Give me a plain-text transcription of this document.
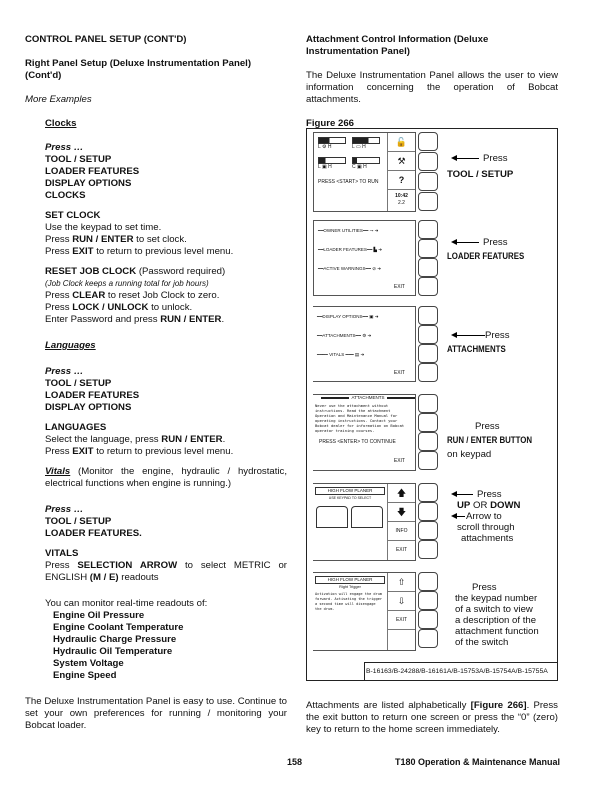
CONTROL PANEL SETUP (CONT'D)
Right Panel Setup (Deluxe Instrumentation Panel) (Cont'd)
More Examples
Clocks
Press …
TOOL / SETUP
LOADER FEATURES
DISPLAY OPTIONS
CLOCKS
SET CLOCK
Use the keypad to set time.
Press RUN / ENTER to set clock.
Press EXIT to return to previous level menu.
RESET JOB CLOCK (Password required)
(Job Clock keeps a running total for job hours)
Press CLEAR to reset Job Clock to zero.
Press LOCK / UNLOCK to unlock.
Enter Password and press RUN / ENTER.
Languages
Press …
TOOL / SETUP
LOADER FEATURES
DISPLAY OPTIONS
LANGUAGES
Select the language, press RUN / ENTER.
Press EXIT to return to previous level menu.
Vitals (Monitor the engine, hydraulic / hydrostatic, electrical functions when engine is running.)
Press …
TOOL / SETUP
LOADER FEATURES.
VITALS
Press SELECTION ARROW to select METRIC or ENGLISH (M / E) readouts
You can monitor real-time readouts of:
Engine Oil Pressure
Engine Coolant Temperature
Hydraulic Charge Pressure
Hydraulic Oil Temperature
System Voltage
Engine Speed
The Deluxe Instrumentation Panel is easy to use. Continue to set your own preferences for running / monitoring your Bobcat loader.
Attachment Control Information (Deluxe Instrumentation Panel)
The Deluxe Instrumentation Panel allows the user to view information concerning the operation of Bobcat attachments.
Figure 266
L ⚙ H	L ▭ H
L ▣ H	C ▣ H
PRESS <START> TO RUN
🔓
⚒
?
10:42
2.2
━━OWNER UTILITIES━━ ⊸ ➜
━━LOADER FEATURES━━ ▙ ➜
━━ACTIVE WARNINGS━━ ⊘ ➜
EXIT
━━DISPLAY OPTIONS━━ ▣ ➜
━━ATTACHMENTS━━ ⚙ ➜
━━━━ VITALS ━━━ ▤ ➜
EXIT
ATTACHMENTS
Never use the attachment without instructions. Read the attachment Operation and Maintenance Manual for operating instructions. Contact your Bobcat dealer for information on Bobcat operator training courses.
PRESS <ENTER> TO CONTINUE
EXIT
HIGH FLOW PLANER
USE KEYPAD TO SELECT	🡅
🡇
INFO
EXIT
HIGH FLOW PLANER
Right Trigger
Activation will engage the drum forward. Activating the trigger a second time will disengage the drum.
⇧
⇩
EXIT
Press
TOOL / SETUP
Press
LOADER FEATURES
Press
ATTACHMENTS
Press
RUN / ENTER BUTTON
on keypad
Press
UP OR DOWN
Arrow to
scroll through
attachments
Press
the keypad number
of a switch to view
a description of the
attachment function
of the switch
B-16163/B-24288/B-16161A/B-15753A/B-15754A/B-15755A
Attachments are listed alphabetically [Figure 266]. Press the exit button to return one screen or press the “0” (zero) key to return to the home screen immediately.
158	T180 Operation & Maintenance Manual
